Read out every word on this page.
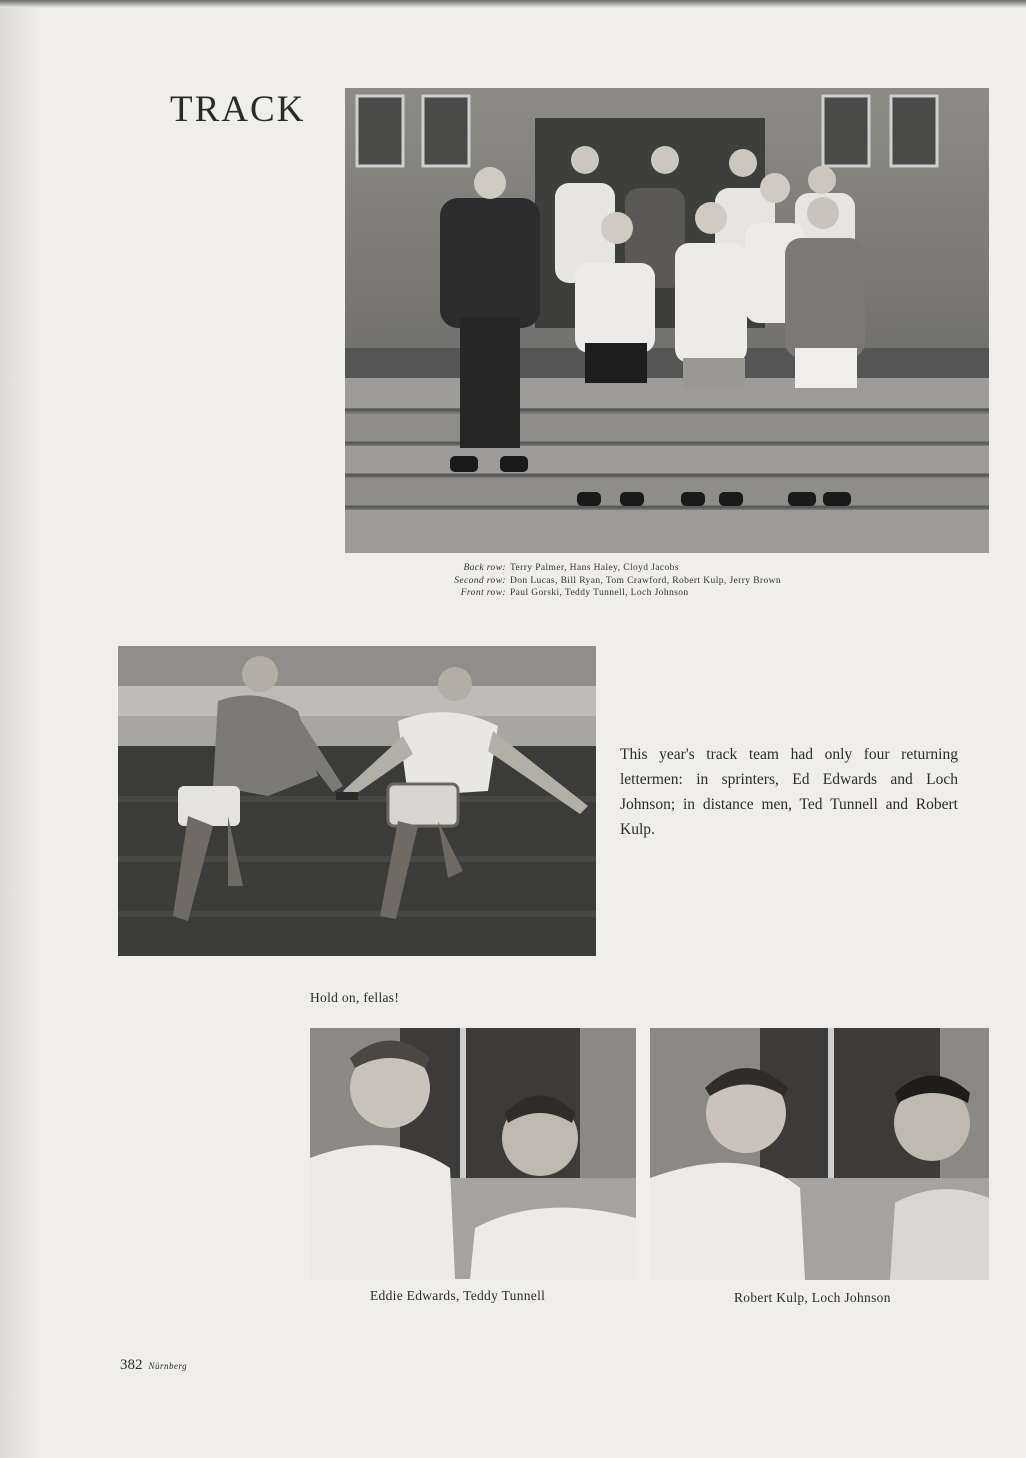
TRACK
Back row: Terry Palmer, Hans Haley, Cloyd Jacobs
Second row: Don Lucas, Bill Ryan, Tom Crawford, Robert Kulp, Jerry Brown
Front row: Paul Gorski, Teddy Tunnell, Loch Johnson
This year's track team had only four returning lettermen: in sprinters, Ed Edwards and Loch Johnson; in distance men, Ted Tunnell and Robert Kulp.
Hold on, fellas!
Eddie Edwards, Teddy Tunnell	Robert Kulp, Loch Johnson
382 Nürnberg
